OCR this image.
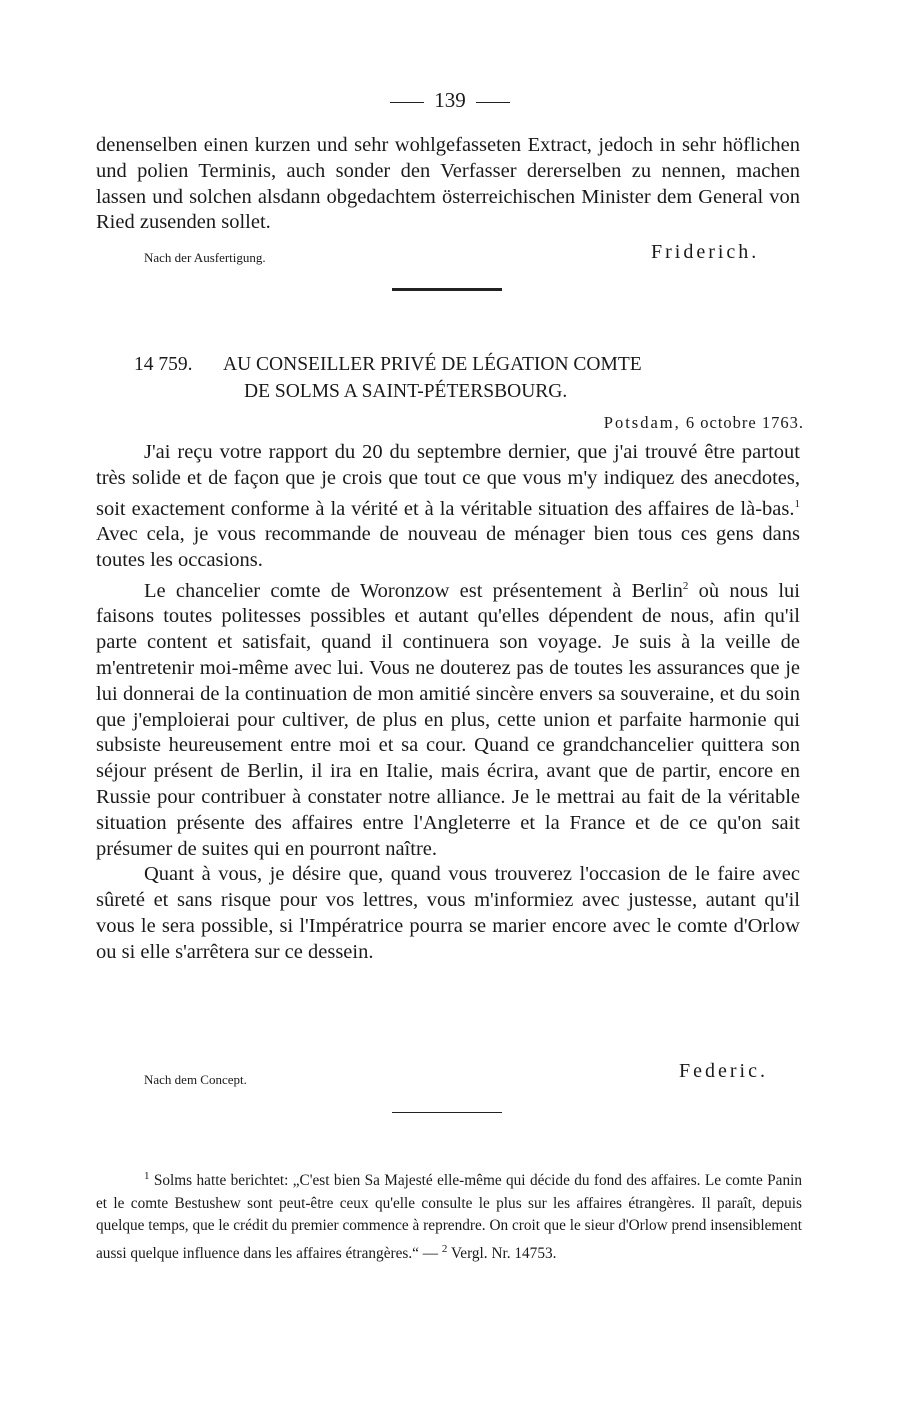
139

denenselben einen kurzen und sehr wohlgefasseten Extract, jedoch in sehr höflichen und polien Terminis, auch sonder den Verfasser dererselben zu nennen, machen lassen und solchen alsdann obgedachtem österreichischen Minister dem General von Ried zusenden sollet.

Nach der Ausfertigung.	Friderich.
14 759. AU CONSEILLER PRIVÉ DE LÉGATION COMTE
DE SOLMS A SAINT-PÉTERSBOURG.
Potsdam, 6 octobre 1763.

J'ai reçu votre rapport du 20 du septembre dernier, que j'ai trouvé être partout très solide et de façon que je crois que tout ce que vous m'y indiquez des anecdotes, soit exactement conforme à la vérité et à la véritable situation des affaires de là-bas.$^1$ Avec cela, je vous recommande de nouveau de ménager bien tous ces gens dans toutes les occasions.

Le chancelier comte de Woronzow est présentement à Berlin$^2$ où nous lui faisons toutes politesses possibles et autant qu'elles dépendent de nous, afin qu'il parte content et satisfait, quand il continuera son voyage. Je suis à la veille de m'entretenir moi-même avec lui. Vous ne douterez pas de toutes les assurances que je lui donnerai de la continuation de mon amitié sincère envers sa souveraine, et du soin que j'emploierai pour cultiver, de plus en plus, cette union et parfaite harmonie qui subsiste heureusement entre moi et sa cour. Quand ce grandchancelier quittera son séjour présent de Berlin, il ira en Italie, mais écrira, avant que de partir, encore en Russie pour contribuer à constater notre alliance. Je le mettrai au fait de la véritable situation présente des affaires entre l'Angleterre et la France et de ce qu'on sait présumer de suites qui en pourront naître.

Quant à vous, je désire que, quand vous trouverez l'occasion de le faire avec sûreté et sans risque pour vos lettres, vous m'informiez avec justesse, autant qu'il vous le sera possible, si l'Impératrice pourra se marier encore avec le comte d'Orlow ou si elle s'arrêtera sur ce dessein.

Nach dem Concept.	Federic.

$^1$ Solms hatte berichtet: „C'est bien Sa Majesté elle-même qui décide du fond des affaires. Le comte Panin et le comte Bestushew sont peut-être ceux qu'elle consulte le plus sur les affaires étrangères. Il paraît, depuis quelque temps, que le crédit du premier commence à reprendre. On croit que le sieur d'Orlow prend insensiblement aussi quelque influence dans les affaires étrangères.“ — $^2$ Vergl. Nr. 14753.
